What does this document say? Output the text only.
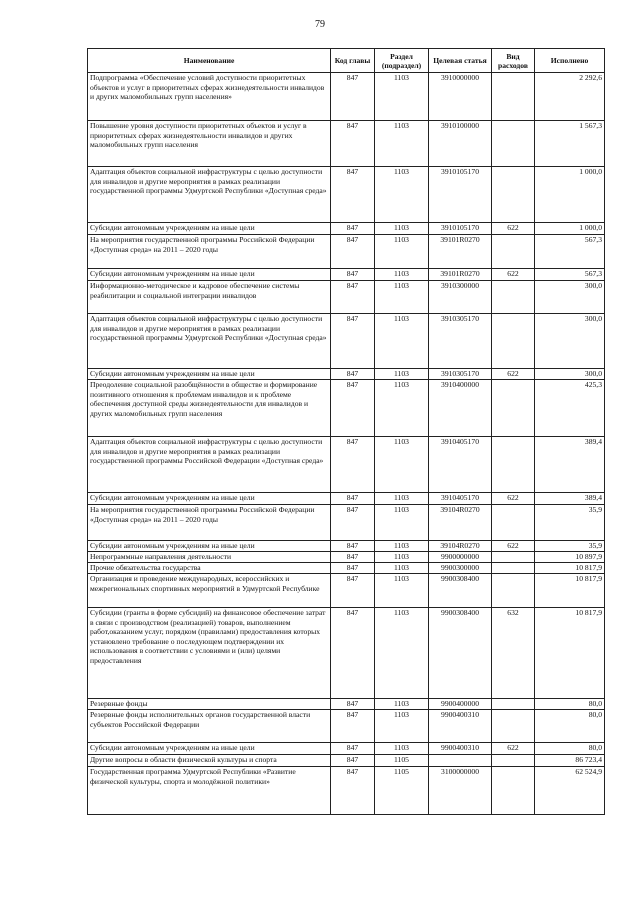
79
Наименование	Код главы	Раздел (подраздел)	Целевая статья	Вид расходов	Исполнено
Подпрограмма «Обеспечение условий доступности приоритетных объектов и услуг в приоритетных сферах жизнедеятельности инвалидов и других маломобильных групп населения»	847	1103	3910000000		2 292,6
Повышение уровня доступности приоритетных объектов и услуг в приоритетных сферах жизнедеятельности инвалидов и других маломобильных групп населения	847	1103	3910100000		1 567,3
Адаптация объектов социальной инфраструктуры с целью доступности для инвалидов и другие мероприятия в рамках реализации государственной программы Удмуртской Республики «Доступная среда»	847	1103	3910105170		1 000,0
Субсидии автономным учреждениям на иные цели	847	1103	3910105170	622	1 000,0
На мероприятия государственной программы Российской Федерации «Доступная среда» на 2011 – 2020 годы	847	1103	39101R0270		567,3
Субсидии автономным учреждениям на иные цели	847	1103	39101R0270	622	567,3
Информационно-методическое и кадровое обеспечение системы реабилитации и социальной интеграции инвалидов	847	1103	3910300000		300,0
Адаптация объектов социальной инфраструктуры с целью доступности для инвалидов и другие мероприятия в рамках реализации государственной программы Удмуртской Республики «Доступная среда»	847	1103	3910305170		300,0
Субсидии автономным учреждениям на иные цели	847	1103	3910305170	622	300,0
Преодоление социальной разобщённости в обществе и формирование позитивного отношения к проблемам инвалидов и к проблеме обеспечения доступной среды жизнедеятельности для инвалидов и других маломобильных групп населения	847	1103	3910400000		425,3
Адаптация объектов социальной инфраструктуры с целью доступности для инвалидов и другие мероприятия в рамках реализации государственной программы Российской Федерации «Доступная среда»	847	1103	3910405170		389,4
Субсидии автономным учреждениям на иные цели	847	1103	3910405170	622	389,4
На мероприятия государственной программы Российской Федерации «Доступная среда» на 2011 – 2020 годы	847	1103	39104R0270		35,9
Субсидии автономным учреждениям на иные цели	847	1103	39104R0270	622	35,9
Непрограммные направления деятельности	847	1103	9900000000		10 897,9
Прочие обязательства государства	847	1103	9900300000		10 817,9
Организация и проведение международных, всероссийских и межрегиональных спортивных мероприятий в Удмуртской Республике	847	1103	9900308400		10 817,9
Субсидии (гранты в форме субсидий) на финансовое обеспечение затрат в связи с производством (реализацией) товаров, выполнением работ,оказанием услуг, порядком (правилами) предоставления которых установлено требование о последующем подтверждении их использования в соответствии с условиями и (или) целями предоставления	847	1103	9900308400	632	10 817,9
Резервные фонды	847	1103	9900400000		80,0
Резервные фонды исполнительных органов государственной власти субъектов Российской Федерации	847	1103	9900400310		80,0
Субсидии автономным учреждениям на иные цели	847	1103	9900400310	622	80,0
Другие вопросы в области физической культуры и спорта	847	1105			86 723,4
Государственная программа Удмуртской Республики «Развитие физической культуры, спорта и молодёжной политики»	847	1105	3100000000		62 524,9
